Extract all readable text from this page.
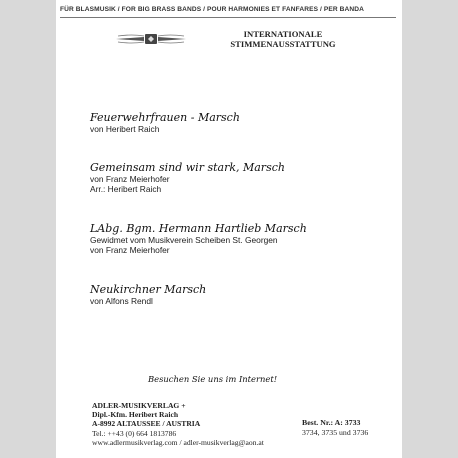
FÜR BLASMUSIK / FOR BIG BRASS BANDS / POUR HARMONIES ET FANFARES / PER BANDA
INTERNATIONALE
STIMMENAUSSTATTUNG
Feuerwehrfrauen - Marsch
von Heribert Raich
Gemeinsam sind wir stark, Marsch
von Franz Meierhofer
Arr.: Heribert Raich
LAbg. Bgm. Hermann Hartlieb Marsch
Gewidmet vom Musikverein Scheiben St. Georgen
von Franz Meierhofer
Neukirchner Marsch
von Alfons Rendl
Besuchen Sie uns im Internet!
ADLER-MUSIKVERLAG +
Dipl.-Kfm. Heribert Raich
A-8992 ALTAUSSEE / AUSTRIA
Tel.: ++43 (0) 664 1813786
www.adlermusikverlag.com / adler-musikverlag@aon.at
Best. Nr.: A: 3733
3734, 3735 und 3736
